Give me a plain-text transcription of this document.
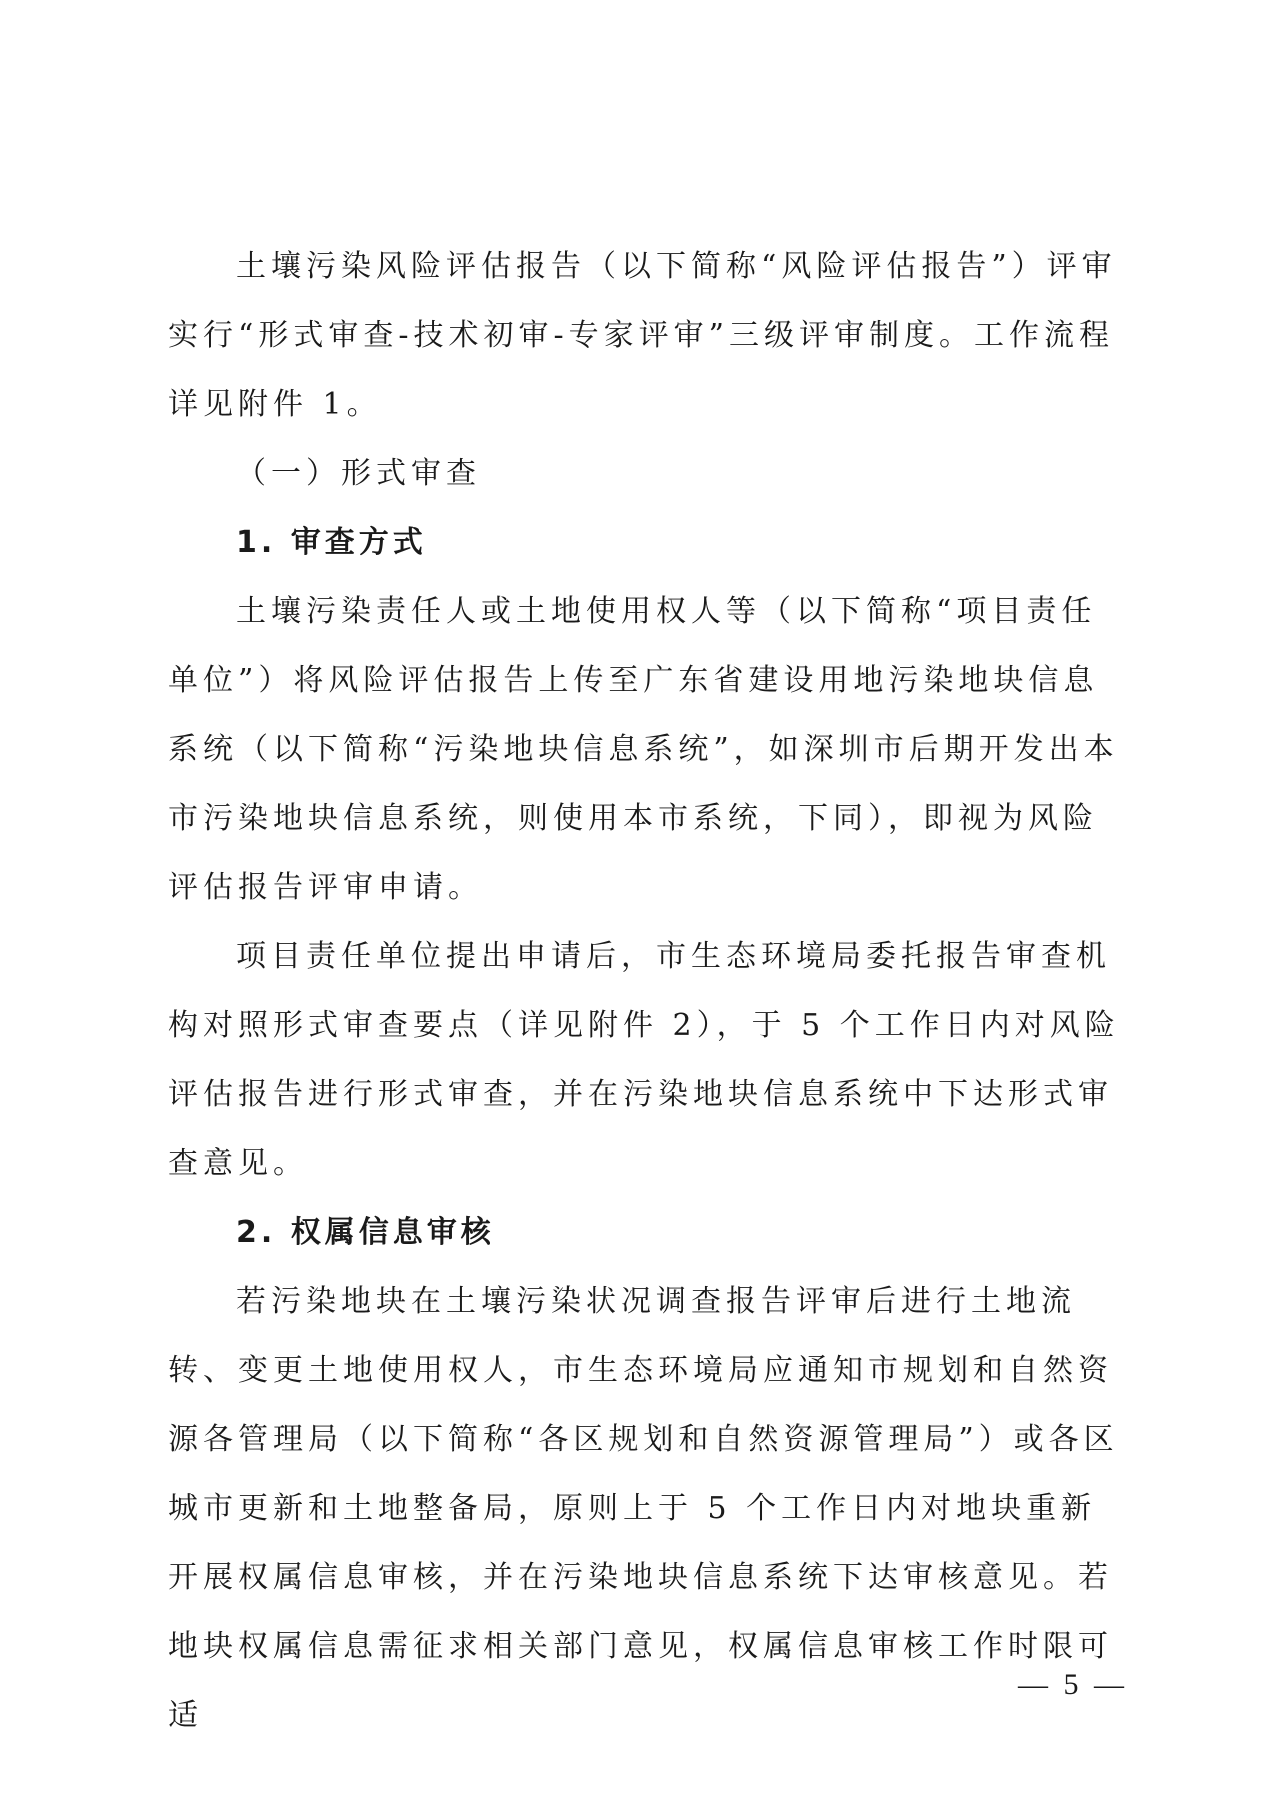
土壤污染风险评估报告（以下简称“风险评估报告”）评审实行“形式审查-技术初审-专家评审”三级评审制度。工作流程详见附件 1。

（一）形式审查

1. 审查方式

土壤污染责任人或土地使用权人等（以下简称“项目责任单位”）将风险评估报告上传至广东省建设用地污染地块信息系统（以下简称“污染地块信息系统”，如深圳市后期开发出本市污染地块信息系统，则使用本市系统，下同），即视为风险评估报告评审申请。

项目责任单位提出申请后，市生态环境局委托报告审查机构对照形式审查要点（详见附件 2），于 5 个工作日内对风险评估报告进行形式审查，并在污染地块信息系统中下达形式审查意见。

2. 权属信息审核

若污染地块在土壤污染状况调查报告评审后进行土地流转、变更土地使用权人，市生态环境局应通知市规划和自然资源各管理局（以下简称“各区规划和自然资源管理局”）或各区城市更新和土地整备局，原则上于 5 个工作日内对地块重新开展权属信息审核，并在污染地块信息系统下达审核意见。若地块权属信息需征求相关部门意见，权属信息审核工作时限可适

— 5 —
